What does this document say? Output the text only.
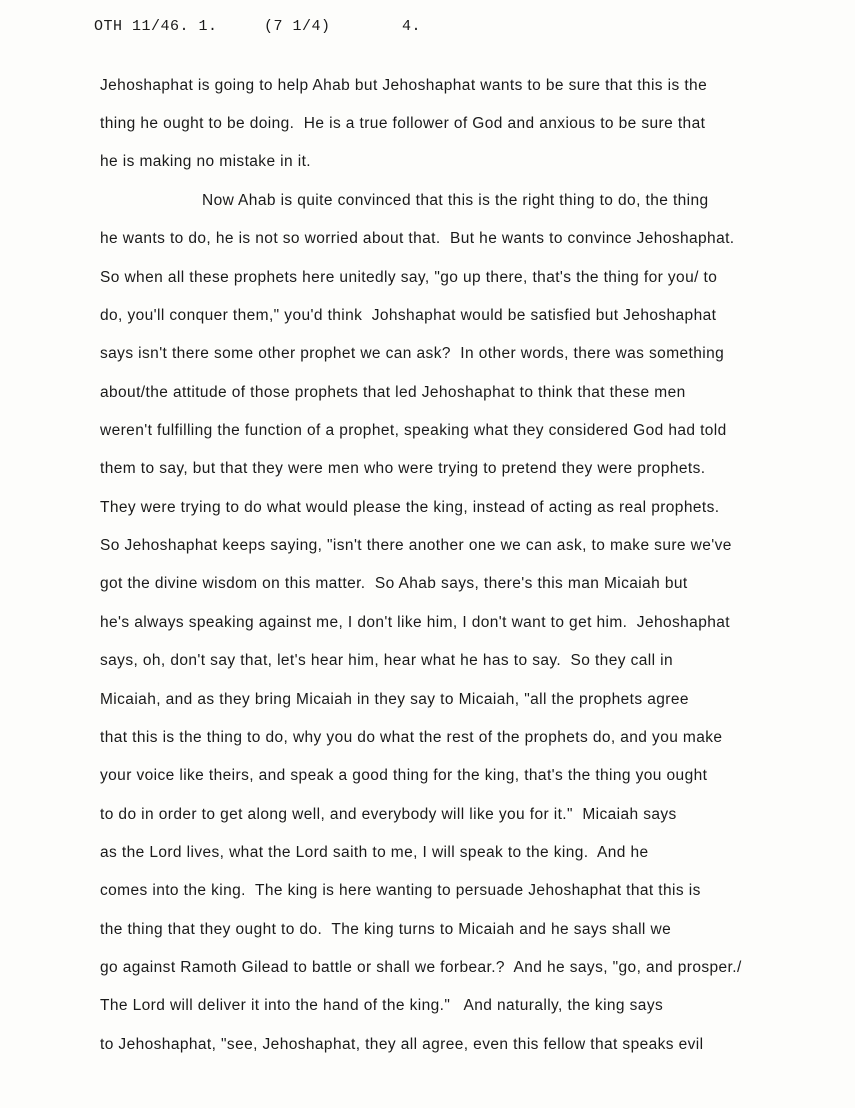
OTH 11/46. 1.

	(7 1/4)

	4.

Jehoshaphat is going to help Ahab but Jehoshaphat wants to be sure that this is the
thing he ought to be doing.  He is a true follower of God and anxious to be sure that
he is making no mistake in it.
Now Ahab is quite convinced that this is the right thing to do, the thing
he wants to do, he is not so worried about that.  But he wants to convince Jehoshaphat.
So when all these prophets here unitedly say, "go up there, that's the thing for you/ to
do, you'll conquer them," you'd think  Johshaphat would be satisfied but Jehoshaphat
says isn't there some other prophet we can ask?  In other words, there was something
about/the attitude of those prophets that led Jehoshaphat to think that these men
weren't fulfilling the function of a prophet, speaking what they considered God had told
them to say, but that they were men who were trying to pretend they were prophets.
They were trying to do what would please the king, instead of acting as real prophets.
So Jehoshaphat keeps saying, "isn't there another one we can ask, to make sure we've
got the divine wisdom on this matter.  So Ahab says, there's this man Micaiah but
he's always speaking against me, I don't like him, I don't want to get him.  Jehoshaphat
says, oh, don't say that, let's hear him, hear what he has to say.  So they call in
Micaiah, and as they bring Micaiah in they say to Micaiah, "all the prophets agree
that this is the thing to do, why you do what the rest of the prophets do, and you make
your voice like theirs, and speak a good thing for the king, that's the thing you ought
to do in order to get along well, and everybody will like you for it."  Micaiah says
as the Lord lives, what the Lord saith to me, I will speak to the king.  And he
comes into the king.  The king is here wanting to persuade Jehoshaphat that this is
the thing that they ought to do.  The king turns to Micaiah and he says shall we
go against Ramoth Gilead to battle or shall we forbear.?  And he says, "go, and prosper./
The Lord will deliver it into the hand of the king."   And naturally, the king says
to Jehoshaphat, "see, Jehoshaphat, they all agree, even this fellow that speaks evil
